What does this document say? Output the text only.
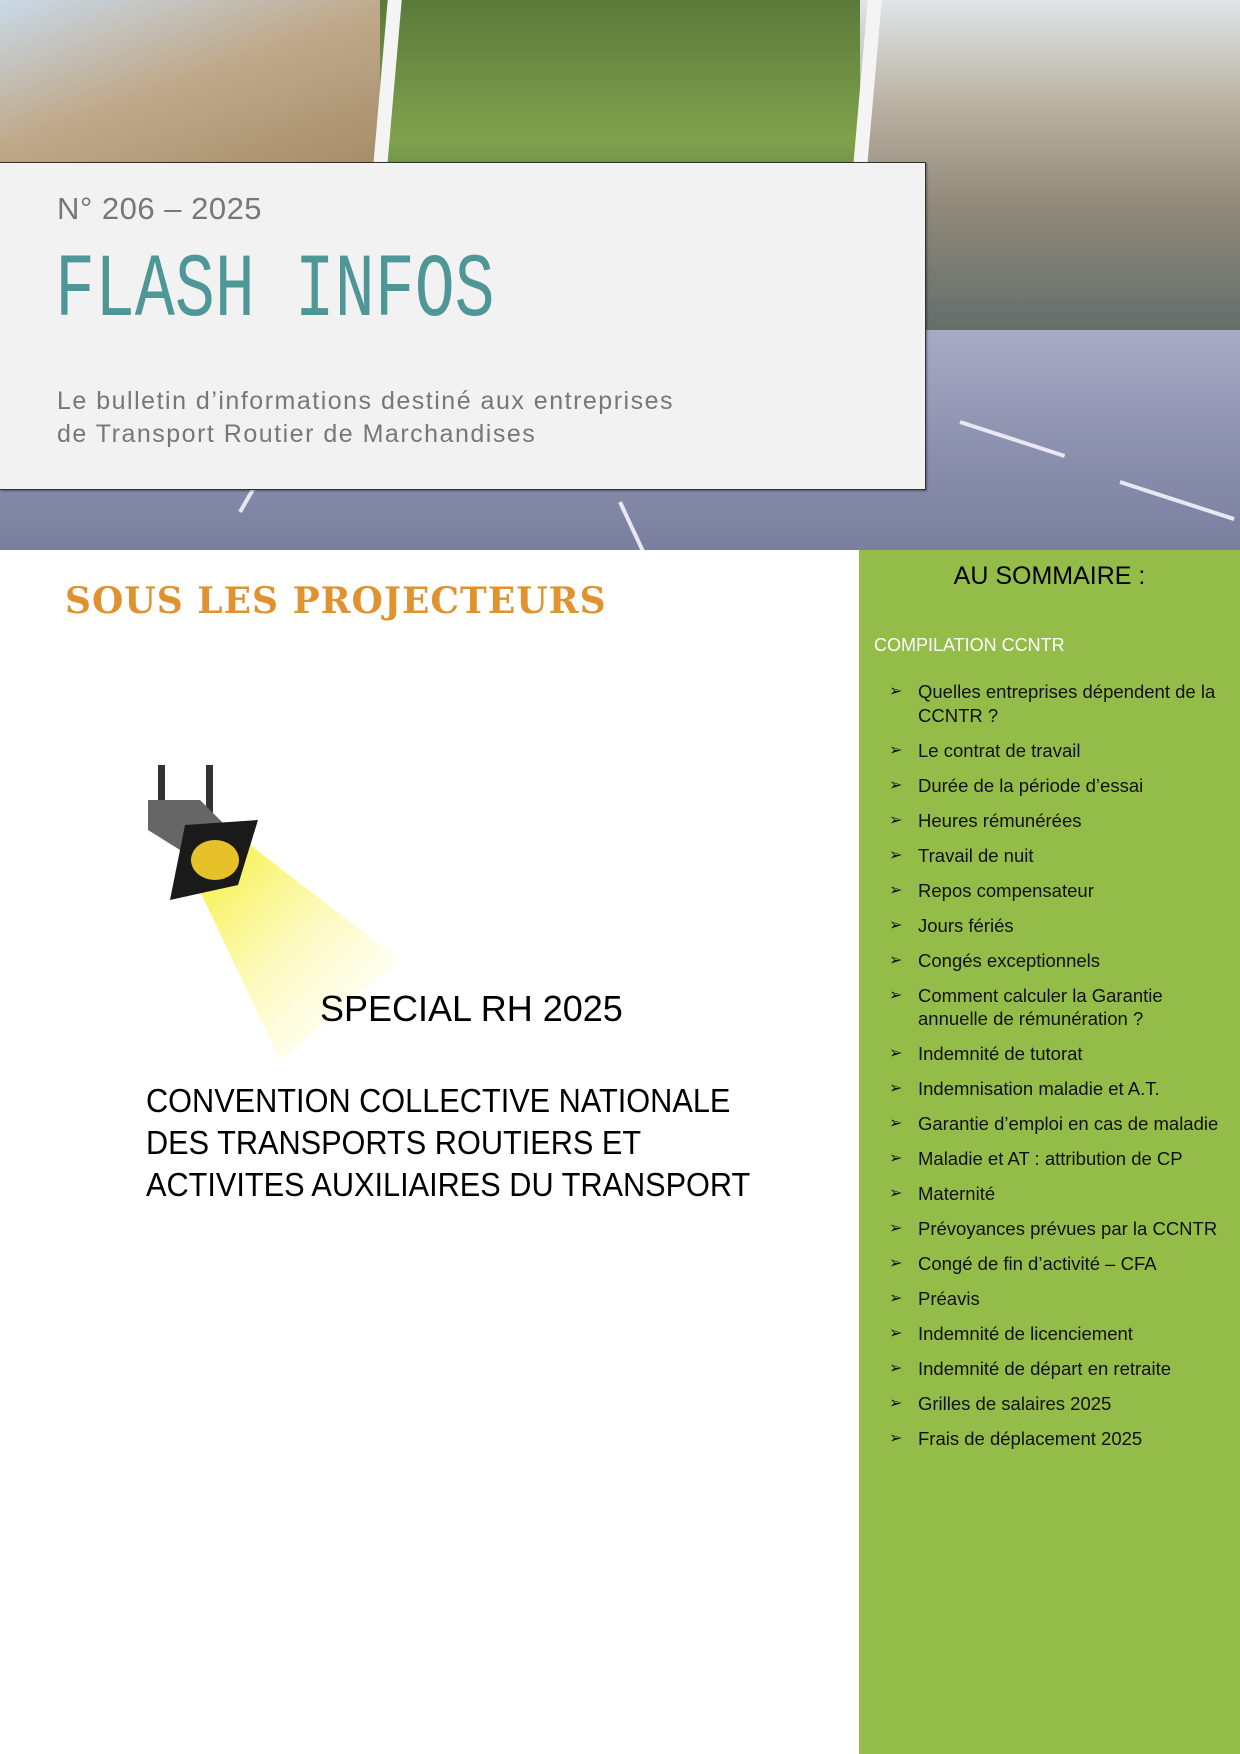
N° 206 – 2025
FLASH INFOS
Le bulletin d’informations destiné aux entreprises
de Transport Routier de Marchandises
SOUS LES PROJECTEURS
SPECIAL RH 2025
CONVENTION COLLECTIVE NATIONALE
DES TRANSPORTS ROUTIERS ET
ACTIVITES AUXILIAIRES DU TRANSPORT
AU SOMMAIRE :
COMPILATION CCNTR
➢ Quelles entreprises dépendent de la CCNTR ?
➢ Le contrat de travail
➢ Durée de la période d’essai
➢ Heures rémunérées
➢ Travail de nuit
➢ Repos compensateur
➢ Jours fériés
➢ Congés exceptionnels
➢ Comment calculer la Garantie annuelle de rémunération ?
➢ Indemnité de tutorat
➢ Indemnisation maladie et A.T.
➢ Garantie d’emploi en cas de maladie
➢ Maladie et AT : attribution de CP
➢ Maternité
➢ Prévoyances prévues par la CCNTR
➢ Congé de fin d’activité – CFA
➢ Préavis
➢ Indemnité de licenciement
➢ Indemnité de départ en retraite
➢ Grilles de salaires 2025
➢ Frais de déplacement 2025
